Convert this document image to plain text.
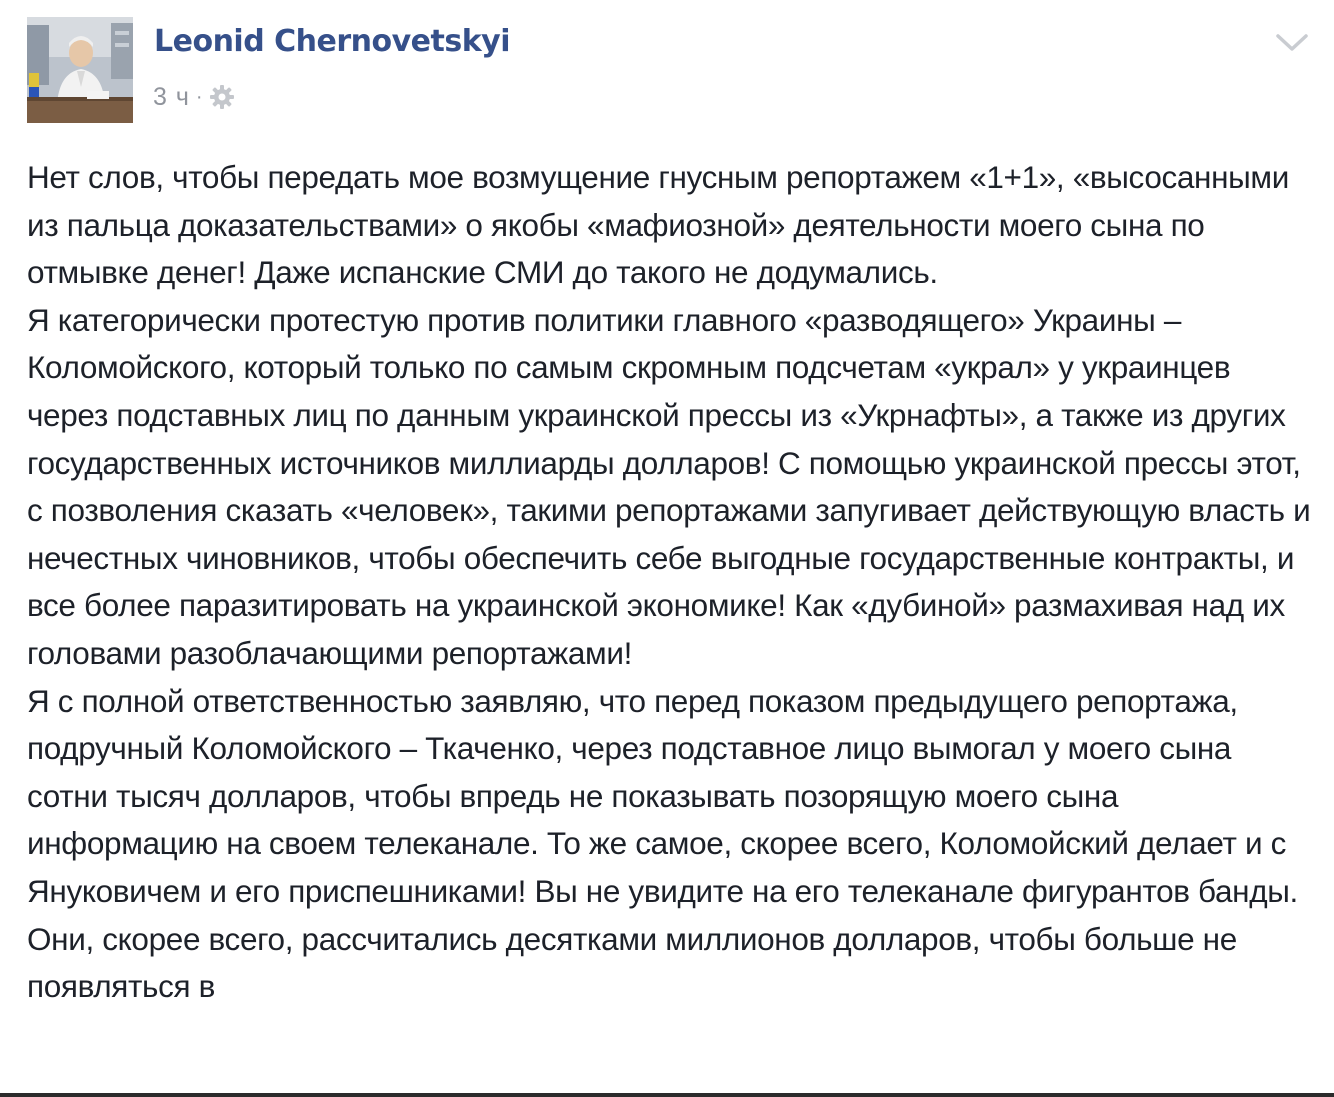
Leonid Chernovetskyi
3 ч ·

Нет слов, чтобы передать мое возмущение гнусным репортажем «1+1», «высосанными из пальца доказательствами» о якобы «мафиозной» деятельности моего сына по отмывке денег! Даже испанские СМИ до такого не додумались.

Я категорически протестую против политики главного «разводящего» Украины – Коломойского, который только по самым скромным подсчетам «украл» у украинцев через подставных лиц по данным украинской прессы из «Укрнафты», а также из других государственных источников миллиарды долларов! С помощью украинской прессы этот, с позволения сказать «человек», такими репортажами запугивает действующую власть и нечестных чиновников, чтобы обеспечить себе выгодные государственные контракты, и все более паразитировать на украинской экономике! Как «дубиной» размахивая над их головами разоблачающими репортажами!

Я с полной ответственностью заявляю, что перед показом предыдущего репортажа, подручный Коломойского – Ткаченко, через подставное лицо вымогал у моего сына сотни тысяч долларов, чтобы впредь не показывать позорящую моего сына информацию на своем телеканале. То же самое, скорее всего, Коломойский делает и с Януковичем и его приспешниками! Вы не увидите на его телеканале фигурантов банды. Они, скорее всего, рассчитались десятками миллионов долларов, чтобы больше не появляться в
